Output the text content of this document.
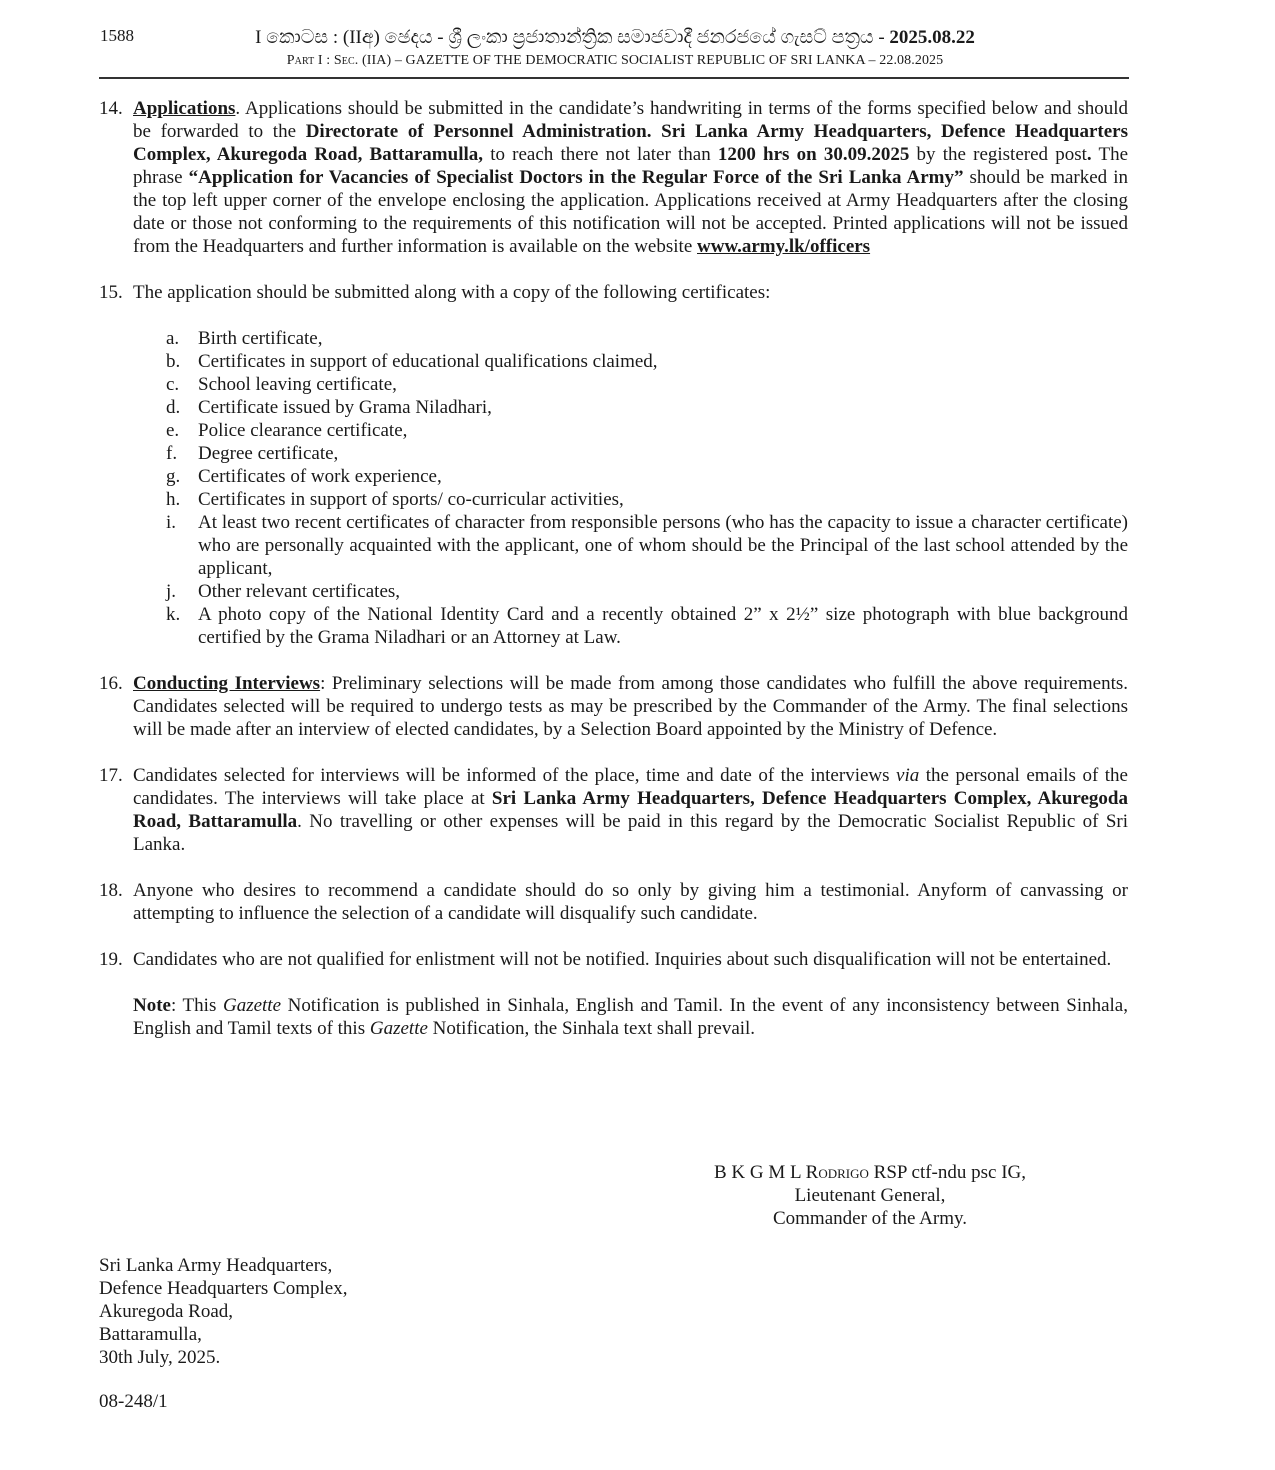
1588	I කොටස : (IIඅ) ඡෙදය - ශ්‍රී ලංකා ප්‍රජාතාන්ත්‍රික සමාජවාදී ජනරජයේ ගැසට් පත්‍රය - 2025.08.22
Part I : Sec. (IIA) – GAZETTE OF THE DEMOCRATIC SOCIALIST REPUBLIC OF SRI LANKA – 22.08.2025
14. Applications. Applications should be submitted in the candidate’s handwriting in terms of the forms specified below and should be forwarded to the Directorate of Personnel Administration. Sri Lanka Army Headquarters, Defence Headquarters Complex, Akuregoda Road, Battaramulla, to reach there not later than 1200 hrs on 30.09.2025 by the registered post. The phrase “Application for Vacancies of Specialist Doctors in the Regular Force of the Sri Lanka Army” should be marked in the top left upper corner of the envelope enclosing the application. Applications received at Army Headquarters after the closing date or those not conforming to the requirements of this notification will not be accepted. Printed applications will not be issued from the Headquarters and further information is available on the website www.army.lk/officers
15. The application should be submitted along with a copy of the following certificates:
a. Birth certificate,
b. Certificates in support of educational qualifications claimed,
c. School leaving certificate,
d. Certificate issued by Grama Niladhari,
e. Police clearance certificate,
f.	Degree certificate,
g. Certificates of work experience,
h. Certificates in support of sports/ co-curricular activities,
i.	At least two recent certificates of character from responsible persons (who has the capacity to issue a character certificate) who are personally acquainted with the applicant, one of whom should be the Principal of the last school attended by the applicant,
j.	Other relevant certificates,
k. A photo copy of the National Identity Card and a recently obtained 2” x 2½” size photograph with blue background certified by the Grama Niladhari or an Attorney at Law.
16. Conducting Interviews: Preliminary selections will be made from among those candidates who fulfill the above requirements. Candidates selected will be required to undergo tests as may be prescribed by the Commander of the Army. The final selections will be made after an interview of elected candidates, by a Selection Board appointed by the Ministry of Defence.
17. Candidates selected for interviews will be informed of the place, time and date of the interviews via the personal emails of the candidates. The interviews will take place at Sri Lanka Army Headquarters, Defence Headquarters Complex, Akuregoda Road, Battaramulla. No travelling or other expenses will be paid in this regard by the Democratic Socialist Republic of Sri Lanka.
18. Anyone who desires to recommend a candidate should do so only by giving him a testimonial. Anyform of canvassing or attempting to influence the selection of a candidate will disqualify such candidate.
19. Candidates who are not qualified for enlistment will not be notified. Inquiries about such disqualification will not be entertained.
Note: This Gazette Notification is published in Sinhala, English and Tamil. In the event of any inconsistency between Sinhala, English and Tamil texts of this Gazette Notification, the Sinhala text shall prevail.
B K G M L Rodrigo RSP ctf-ndu psc IG,
Lieutenant General,
Commander of the Army.
Sri Lanka Army Headquarters,
Defence Headquarters Complex,
Akuregoda Road,
Battaramulla,
30th July, 2025.
08-248/1
